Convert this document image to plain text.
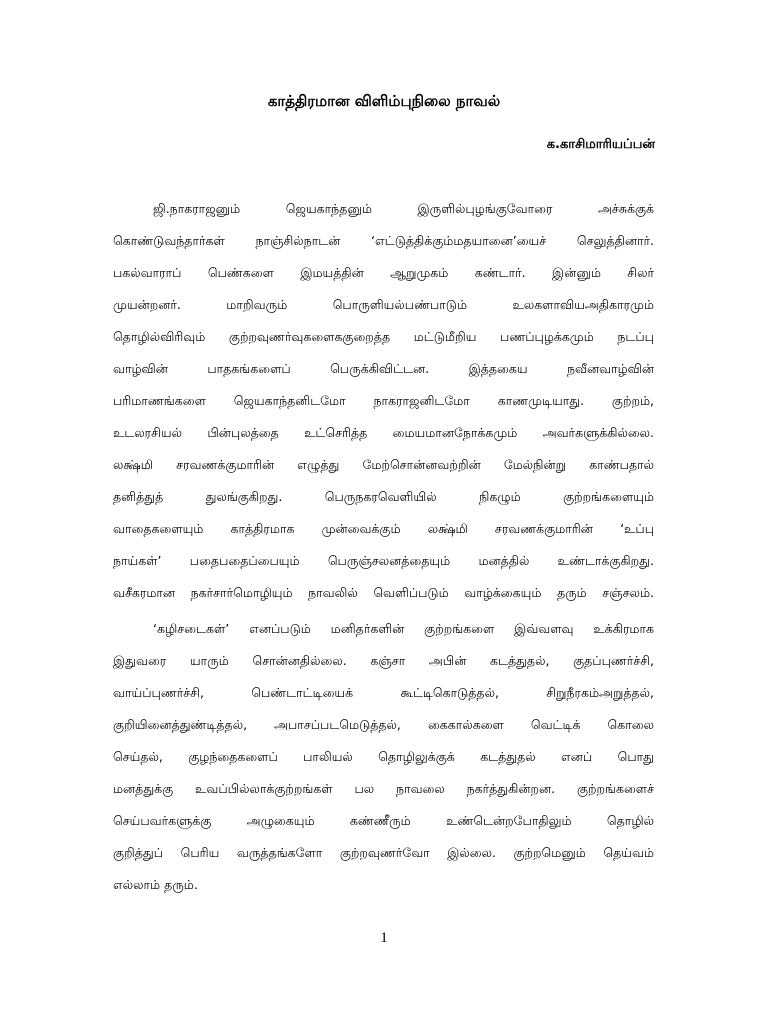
காத்திரமான விளிம்புநிலை நாவல்

க.காசிமாரியப்பன்

ஜி.நாகராஜனும் ஜெயகாந்தனும் இருளில்புழங்குவோரை அச்சுக்குக்

கொண்டுவந்தார்கள் நாஞ்சில்நாடன் ‘எட்டுத்திக்கும்மதயானை’யைச் செலுத்தினார்.

பகல்வாராப் பெண்களை இமயத்தின் ஆறுமுகம் கண்டார். இன்னும் சிலர்

முயன்றனர். மாறிவரும் பொருளியல்பண்பாடும் உலகளாவியஅதிகாரமும்

தொழில்விரிவும் குற்றவுணர்வுகளைககுறைத்த மட்டுமீறிய பணப்புழக்கமும் நடப்பு

வாழ்வின் பாதகங்களைப் பெருக்கிவிட்டன. இத்தகைய நவீனவாழ்வின்

பரிமாணங்களை ஜெயகாந்தனிடமோ நாகராஜனிடமோ காணமுடியாது. குற்றம்,

உடலரசியல் பின்புலத்தை உட்செரித்த மையமானநோக்கமும் அவர்களுக்கில்லை.

லக்ஷ்மி சரவணக்குமாரின் எழுத்து மேற்சொன்னவற்றின் மேல்நின்று காண்பதால்

தனித்துத் துலங்குகிறது. பெருநகரவெளியில் நிகழும் குற்றங்களையும்

வாதைகளையும் காத்திரமாக முன்வைக்கும் லக்ஷ்மி சரவணக்குமாரின் ‘உப்பு

நாய்கள்’ பதைபதைப்பையும் பெருஞ்சலனத்தையும் மனத்தில் உண்டாக்குகிறது.

வசீகரமான நகர்சார்மொழியும் நாவலில் வெளிப்படும் வாழ்க்கையும் தரும் சஞ்சலம்.

‘கழிசடைகள்’ எனப்படும் மனிதர்களின் குற்றங்களை இவ்வளவு உக்கிரமாக

இதுவரை யாரும் சொன்னதில்லை. கஞ்சா அபின் கடத்துதல், குதப்புணர்ச்சி,

வாய்ப்புணர்ச்சி, பெண்டாட்டியைக் கூட்டிகொடுத்தல், சிறுநீரகம்அறுத்தல்,

குறியினைத்துண்டித்தல், அபாசப்படமெடுத்தல், கைகால்களை வெட்டிக் கொலை

செய்தல், குழந்தைகளைப் பாலியல் தொழிலுக்குக் கடத்துதல் எனப் பொது

மனத்துக்கு உவப்பில்லாக்குற்றங்கள் பல நாவலை நகர்த்துகின்றன. குற்றங்களைச்

செய்பவர்களுக்கு அழுகையும் கண்ணீரும் உண்டென்றபோதிலும் தொழில்

குறித்துப் பெரிய வருத்தங்களோ குற்றவுணர்வோ இல்லை. குற்றமெனும் தெய்வம்

எல்லாம் தரும்.

1
